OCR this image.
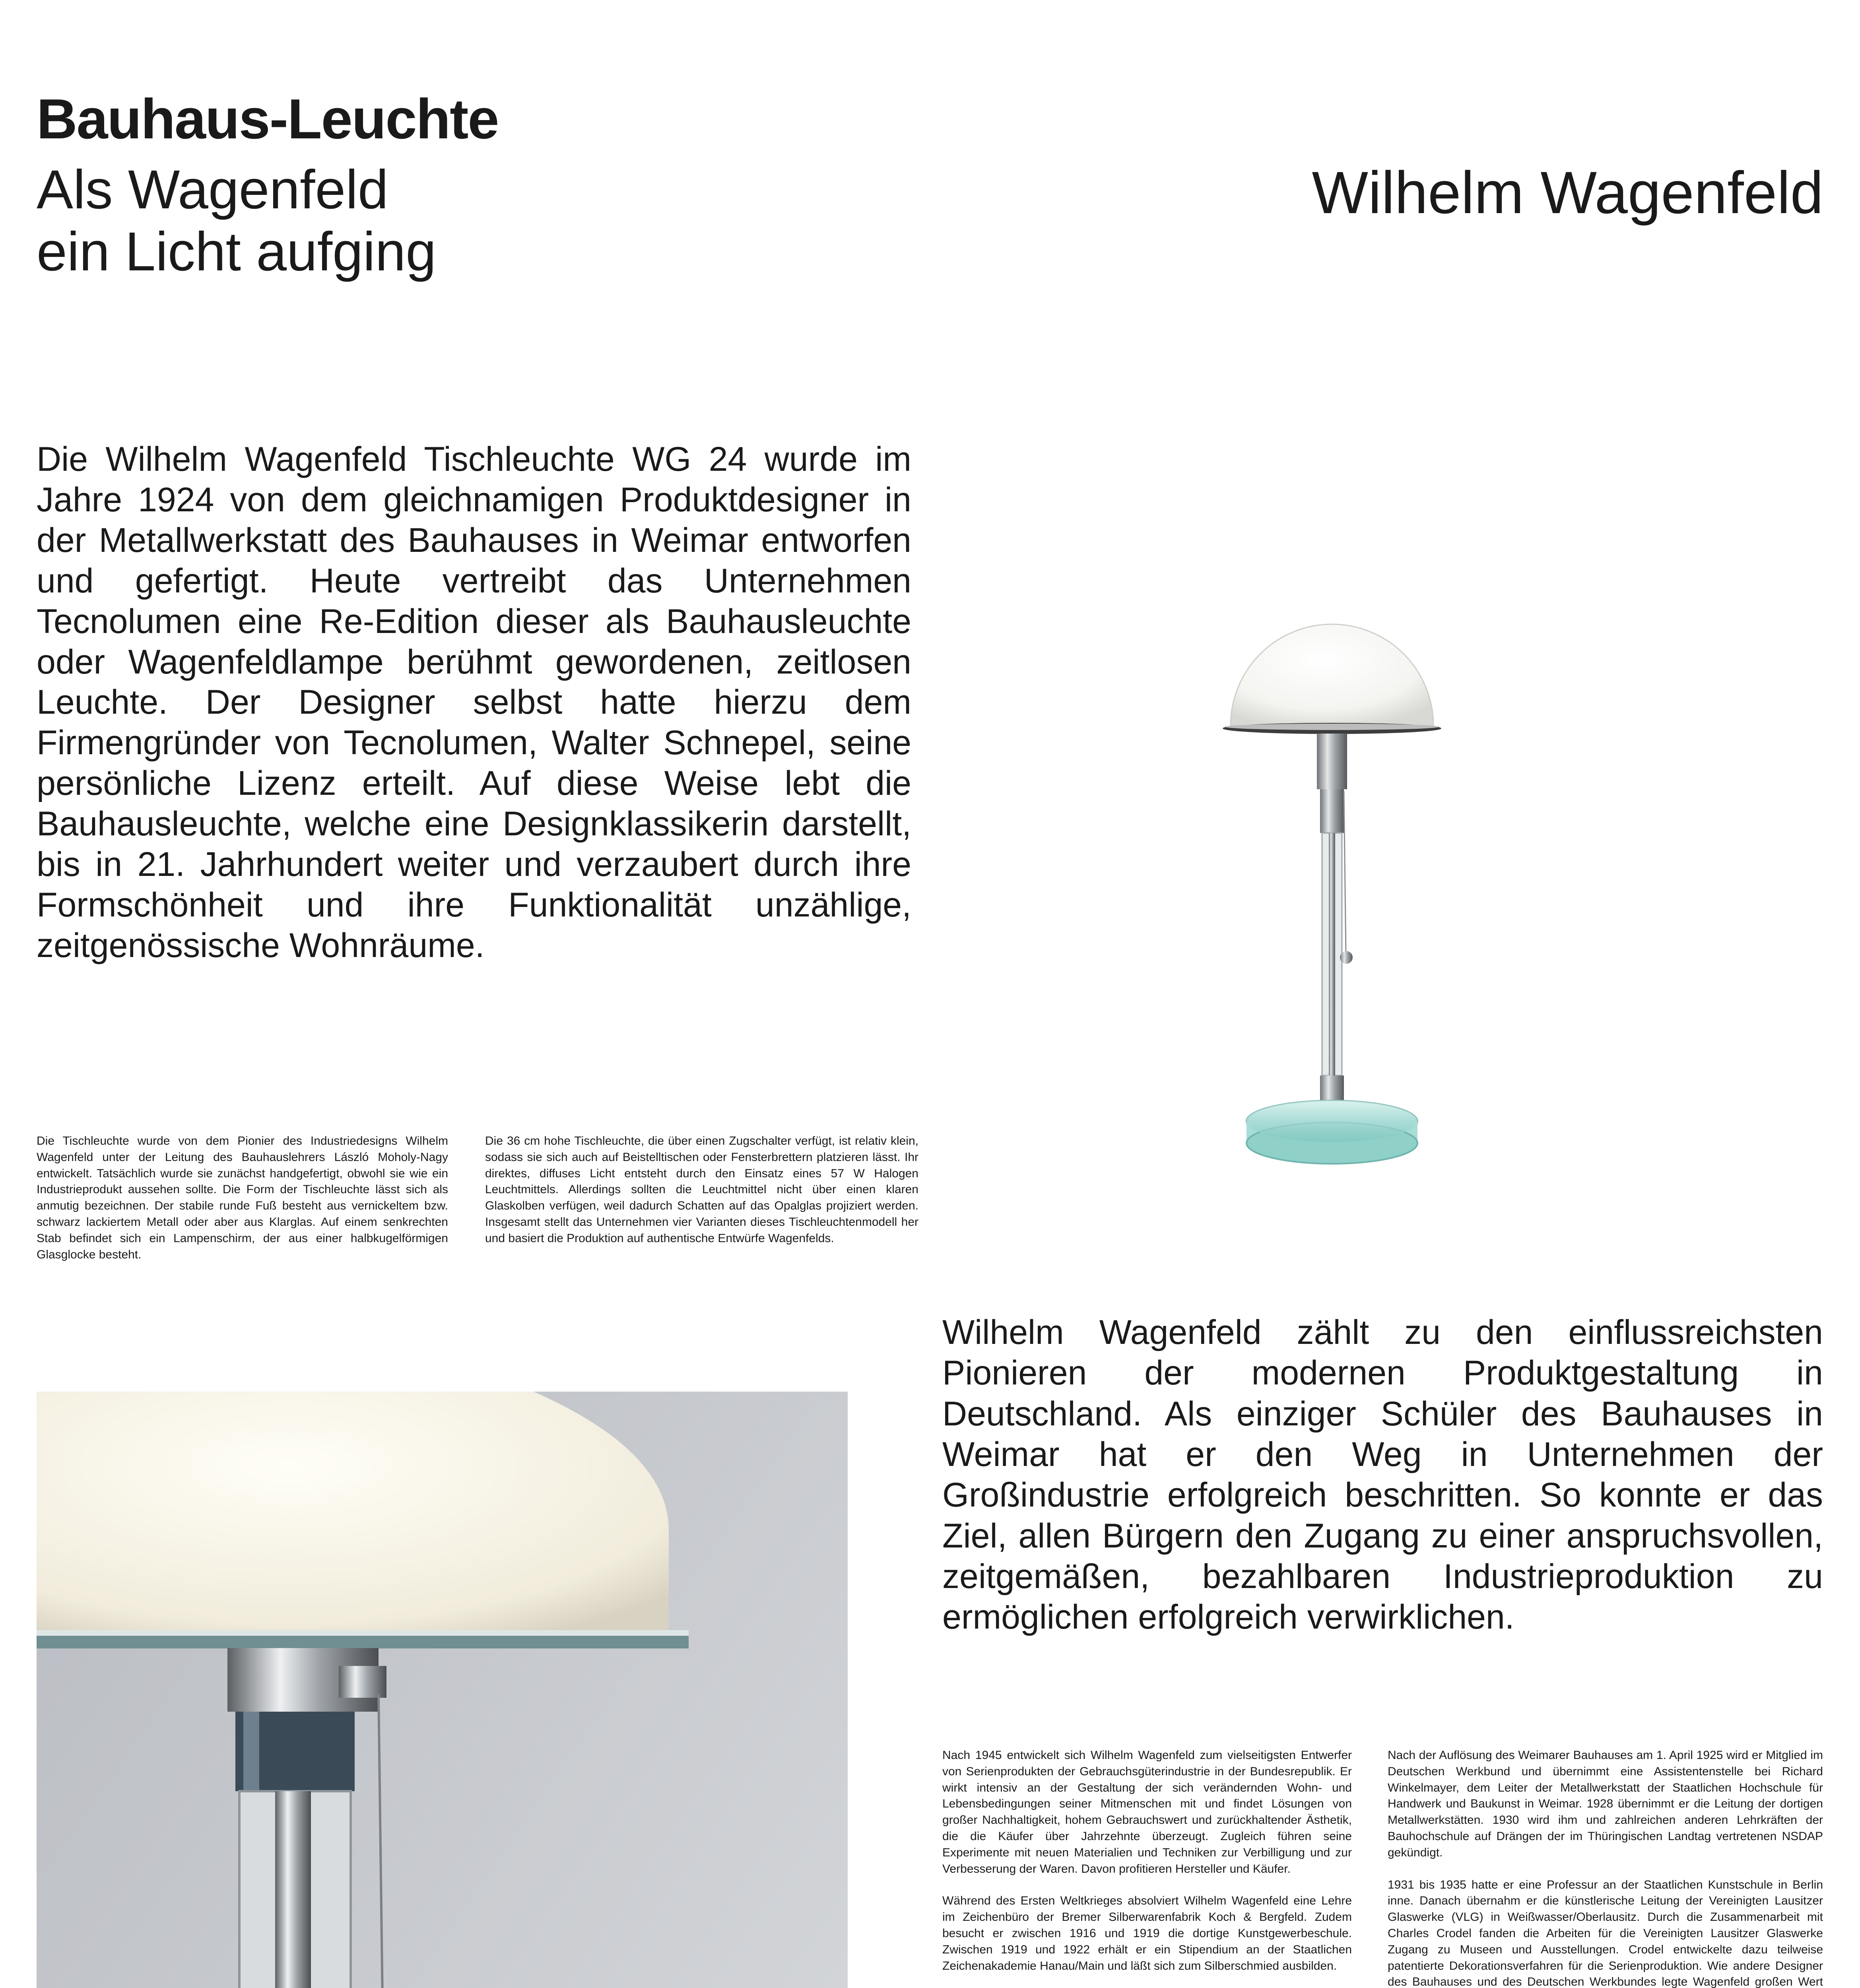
Bauhaus-Leuchte
Als Wagenfeld
ein Licht aufging
Wilhelm Wagenfeld

Die Wilhelm Wagenfeld Tischleuchte WG 24 wurde im Jahre 1924 von dem gleichnamigen Produktdesigner in der Metallwerkstatt des Bauhauses in Weimar entworfen und gefertigt. Heute vertreibt das Unternehmen Tecnolumen eine Re-Edition dieser als Bauhausleuchte oder Wagenfeldlampe berühmt gewordenen, zeitlosen Leuchte. Der Designer selbst hatte hierzu dem Firmengründer von Tecnolumen, Walter Schnepel, seine persönliche Lizenz erteilt. Auf diese Weise lebt die Bauhausleuchte, welche eine Designklassikerin darstellt, bis in 21. Jahrhundert weiter und verzaubert durch ihre Formschönheit und ihre Funktionalität unzählige, zeitgenössische Wohnräume.

Die Tischleuchte wurde von dem Pionier des Industriedesigns Wilhelm Wagenfeld unter der Leitung des Bauhauslehrers László Moholy-Nagy entwickelt. Tatsächlich wurde sie zunächst handgefertigt, obwohl sie wie ein Industrieprodukt aussehen sollte. Die Form der Tischleuchte lässt sich als anmutig bezeichnen. Der stabile runde Fuß besteht aus vernickeltem bzw. schwarz lackiertem Metall oder aber aus Klarglas. Auf einem senkrechten Stab befindet sich ein Lampenschirm, der aus einer halbkugelförmigen Glasglocke besteht.

Die 36 cm hohe Tischleuchte, die über einen Zugschalter verfügt, ist relativ klein, sodass sie sich auch auf Beistelltischen oder Fensterbrettern platzieren lässt. Ihr direktes, diffuses Licht entsteht durch den Einsatz eines 57 W Halogen Leuchtmittels. Allerdings sollten die Leuchtmittel nicht über einen klaren Glaskolben verfügen, weil dadurch Schatten auf das Opalglas projiziert werden. Insgesamt stellt das Unternehmen vier Varianten dieses Tischleuchtenmodell her und basiert die Produktion auf authentische Entwürfe Wagenfelds.

Wilhelm Wagenfeld zählt zu den einflussreichsten Pionieren der modernen Produktgestaltung in Deutschland. Als einziger Schüler des Bauhauses in Weimar hat er den Weg in Unternehmen der Großindustrie erfolgreich beschritten. So konnte er das Ziel, allen Bürgern den Zugang zu einer anspruchsvollen, zeitgemäßen, bezahlbaren Industrieproduktion zu ermöglichen erfolgreich verwirklichen.

Nach 1945 entwickelt sich Wilhelm Wagenfeld zum vielseitigsten Entwerfer von Serienprodukten der Gebrauchsgüterindustrie in der Bundesrepublik. Er wirkt intensiv an der Gestaltung der sich verändernden Wohn- und Lebensbedingungen seiner Mitmenschen mit und findet Lösungen von großer Nachhaltigkeit, hohem Gebrauchswert und zurückhaltender Ästhetik, die die Käufer über Jahrzehnte überzeugt. Zugleich führen seine Experimente mit neuen Materialien und Techniken zur Verbilligung und zur Verbesserung der Waren. Davon profitieren Hersteller und Käufer.

Während des Ersten Weltkrieges absolviert Wilhelm Wagenfeld eine Lehre im Zeichenbüro der Bremer Silberwarenfabrik Koch & Bergfeld. Zudem besucht er zwischen 1916 und 1919 die dortige Kunstgewerbeschule. Zwischen 1919 und 1922 erhält er ein Stipendium an der Staatlichen Zeichenakademie Hanau/Main und läßt sich zum Silberschmied ausbilden.

Nach der Auflösung des Weimarer Bauhauses am 1. April 1925 wird er Mitglied im Deutschen Werkbund und übernimmt eine Assistentenstelle bei Richard Winkelmayer, dem Leiter der Metallwerkstatt der Staatlichen Hochschule für Handwerk und Baukunst in Weimar. 1928 übernimmt er die Leitung der dortigen Metallwerkstätten. 1930 wird ihm und zahlreichen anderen Lehrkräften der Bauhochschule auf Drängen der im Thüringischen Landtag vertretenen NSDAP gekündigt.

1931 bis 1935 hatte er eine Professur an der Staatlichen Kunstschule in Berlin inne. Danach übernahm er die künstlerische Leitung der Vereinigten Lausitzer Glaswerke (VLG) in Weißwasser/Oberlausitz. Durch die Zusammenarbeit mit Charles Crodel fanden die Arbeiten für die Vereinigten Lausitzer Glaswerke Zugang zu Museen und Ausstellungen. Crodel entwickelte dazu teilweise patentierte Dekorationsverfahren für die Serienproduktion. Wie andere Designer des Bauhauses und des Deutschen Werkbundes legte Wagenfeld großen Wert
